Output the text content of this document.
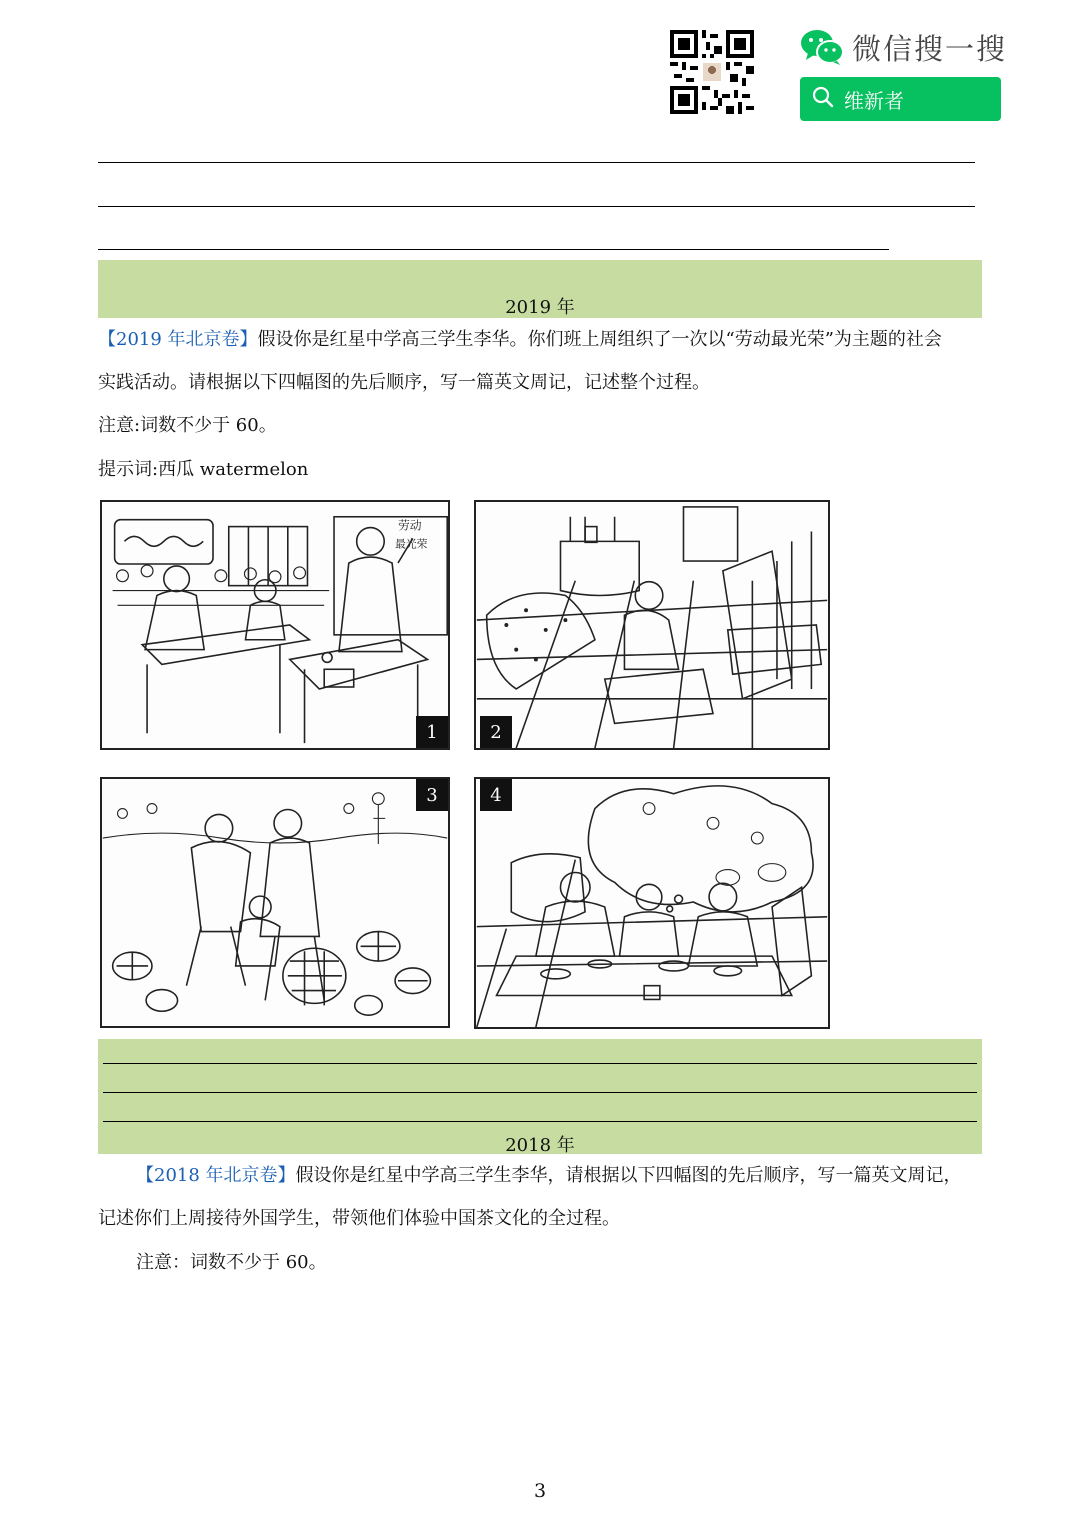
微信搜一搜
维新者
2019 年
【2019 年北京卷】假设你是红星中学高三学生李华。你们班上周组织了一次以“劳动最光荣”为主题的社会
实践活动。请根据以下四幅图的先后顺序，写一篇英文周记，记述整个过程。
注意:词数不少于 60。
提示词:西瓜 watermelon
劳动
最光荣
1	2
3	4
2018 年
【2018 年北京卷】假设你是红星中学高三学生李华，请根据以下四幅图的先后顺序，写一篇英文周记，
记述你们上周接待外国学生，带领他们体验中国茶文化的全过程。
注意：词数不少于 60。
3
